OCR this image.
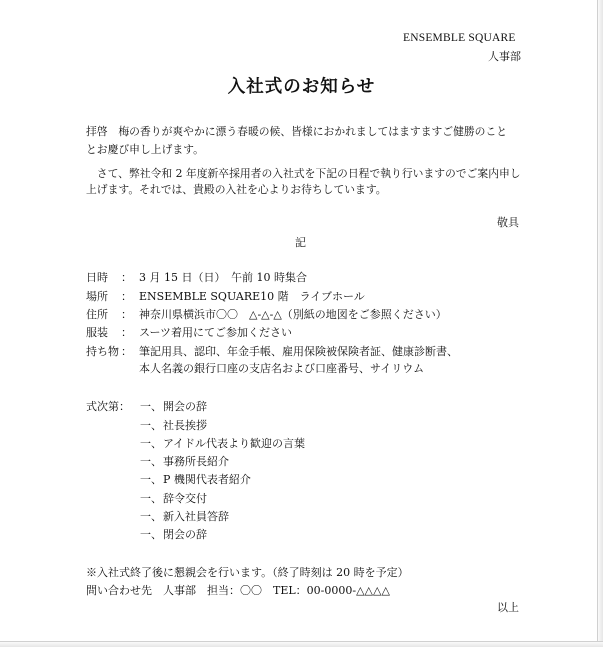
ENSEMBLE SQUARE
人事部
入社式のお知らせ
拝啓　梅の香りが爽やかに漂う春暖の候、皆様におかれましてはますますご健勝のこと
とお慶び申し上げます。
　さて、弊社令和 2 年度新卒採用者の入社式を下記の日程で執り行いますのでご案内申し
上げます。それでは、貴殿の入社を心よりお待ちしています。
敬具
記
日時 ： 3 月 15 日（日）　午前 10 時集合
場所 ： ENSEMBLE SQUARE10 階　ライブホール
住所 ： 神奈川県横浜市〇〇　△-△-△（別紙の地図をご参照ください）
服装 ： スーツ着用にてご参加ください
持ち物 ： 筆記用具、認印、年金手帳、雇用保険被保険者証、健康診断書、
本人名義の銀行口座の支店名および口座番号、サイリウム
式次第： 一、 開会の辞
一、 社長挨拶
一、 アイドル代表より歓迎の言葉
一、 事務所長紹介
一、 P 機関代表者紹介
一、 辞令交付
一、 新入社員答辞
一、 閉会の辞
※入社式終了後に懇親会を行います。（終了時刻は 20 時を予定）
問い合わせ先　人事部　担当：〇〇　TEL：00-0000-△△△△
以上
